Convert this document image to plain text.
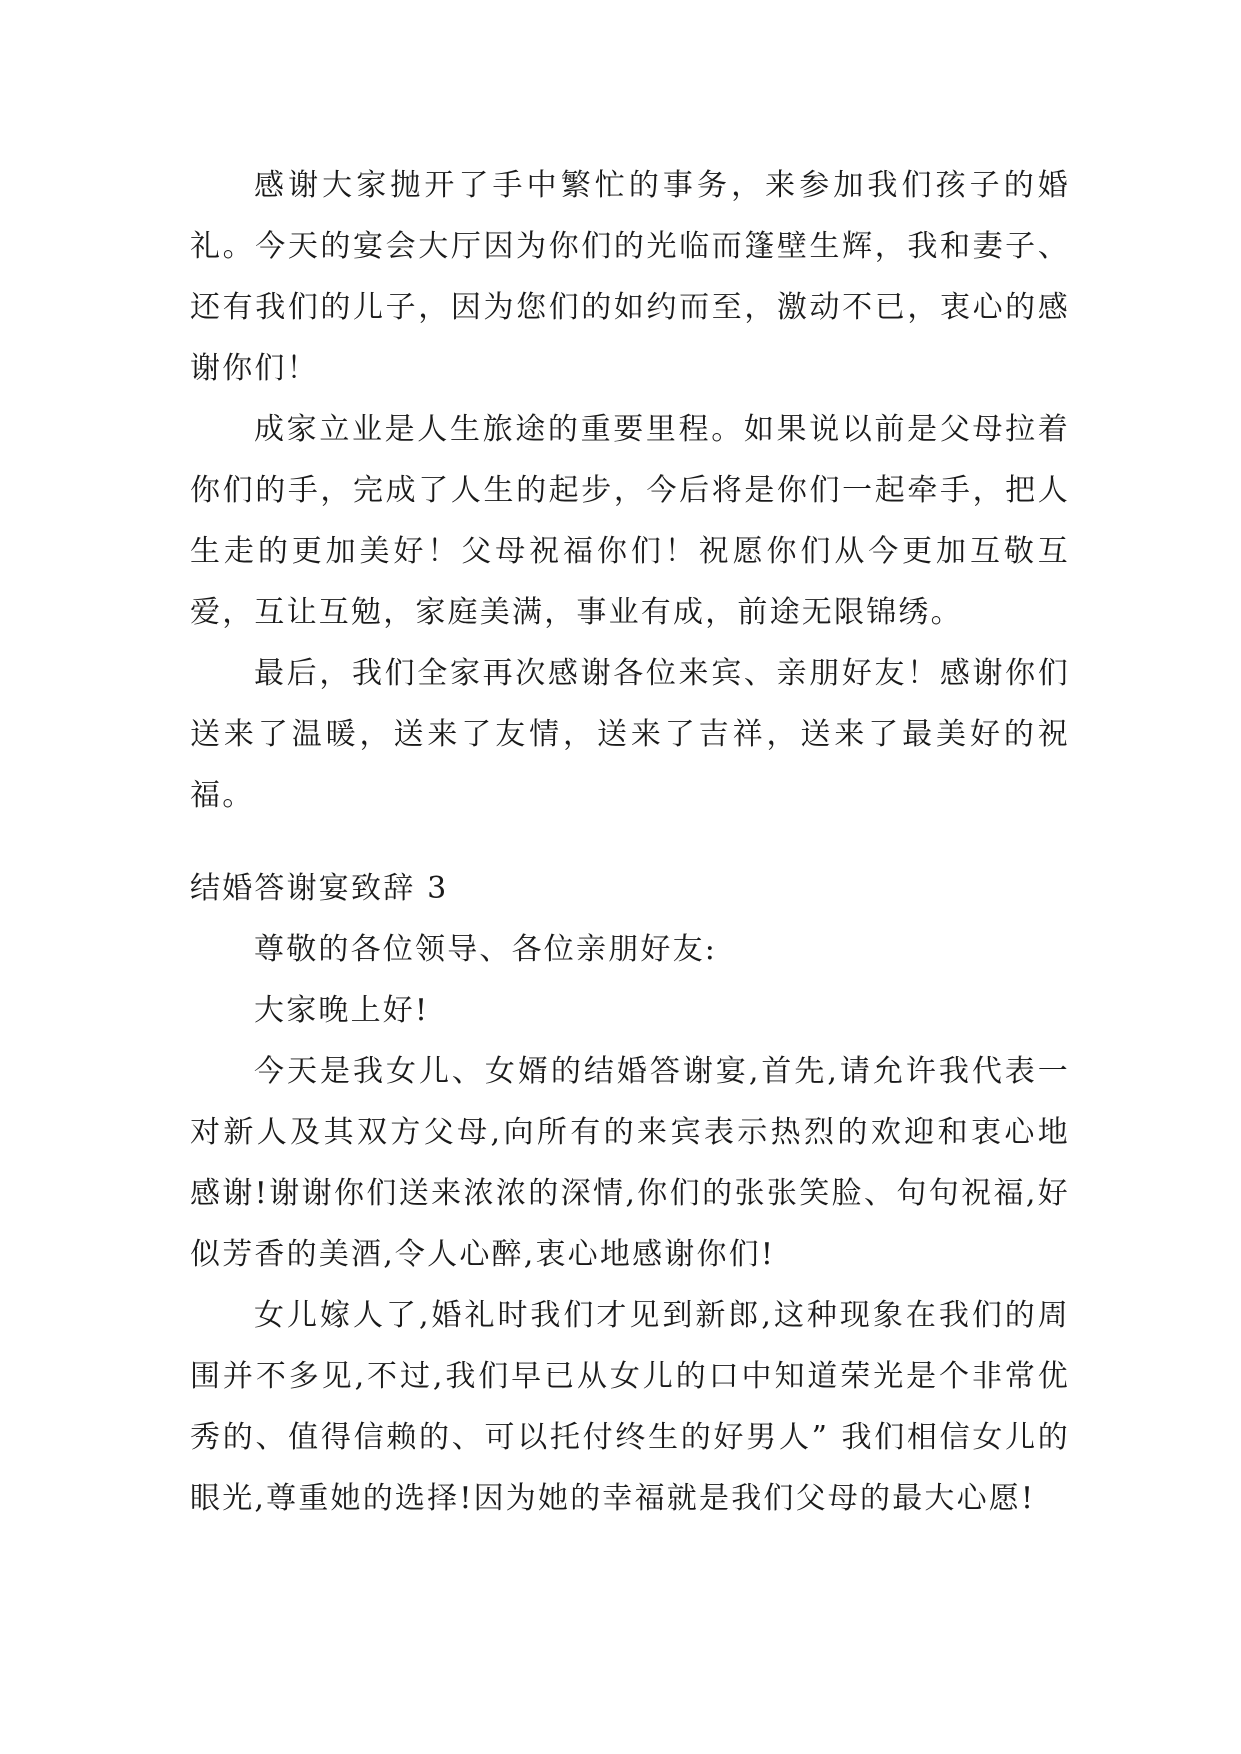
感谢大家抛开了手中繁忙的事务，来参加我们孩子的婚礼。今天的宴会大厅因为你们的光临而篷壁生辉，我和妻子、还有我们的儿子，因为您们的如约而至，激动不已，衷心的感谢你们！

成家立业是人生旅途的重要里程。如果说以前是父母拉着你们的手，完成了人生的起步，今后将是你们一起牵手，把人生走的更加美好！父母祝福你们！祝愿你们从今更加互敬互爱，互让互勉，家庭美满，事业有成，前途无限锦绣。

最后，我们全家再次感谢各位来宾、亲朋好友！感谢你们送来了温暖，送来了友情，送来了吉祥，送来了最美好的祝福。

结婚答谢宴致辞 3

尊敬的各位领导、各位亲朋好友:

大家晚上好!

今天是我女儿、女婿的结婚答谢宴,首先,请允许我代表一对新人及其双方父母,向所有的来宾表示热烈的欢迎和衷心地感谢!谢谢你们送来浓浓的深情,你们的张张笑脸、句句祝福,好似芳香的美酒,令人心醉,衷心地感谢你们!

女儿嫁人了,婚礼时我们才见到新郎,这种现象在我们的周围并不多见,不过,我们早已从女儿的口中知道荣光是个非常优秀的、值得信赖的、可以托付终生的好男人” 我们相信女儿的眼光,尊重她的选择!因为她的幸福就是我们父母的最大心愿!
